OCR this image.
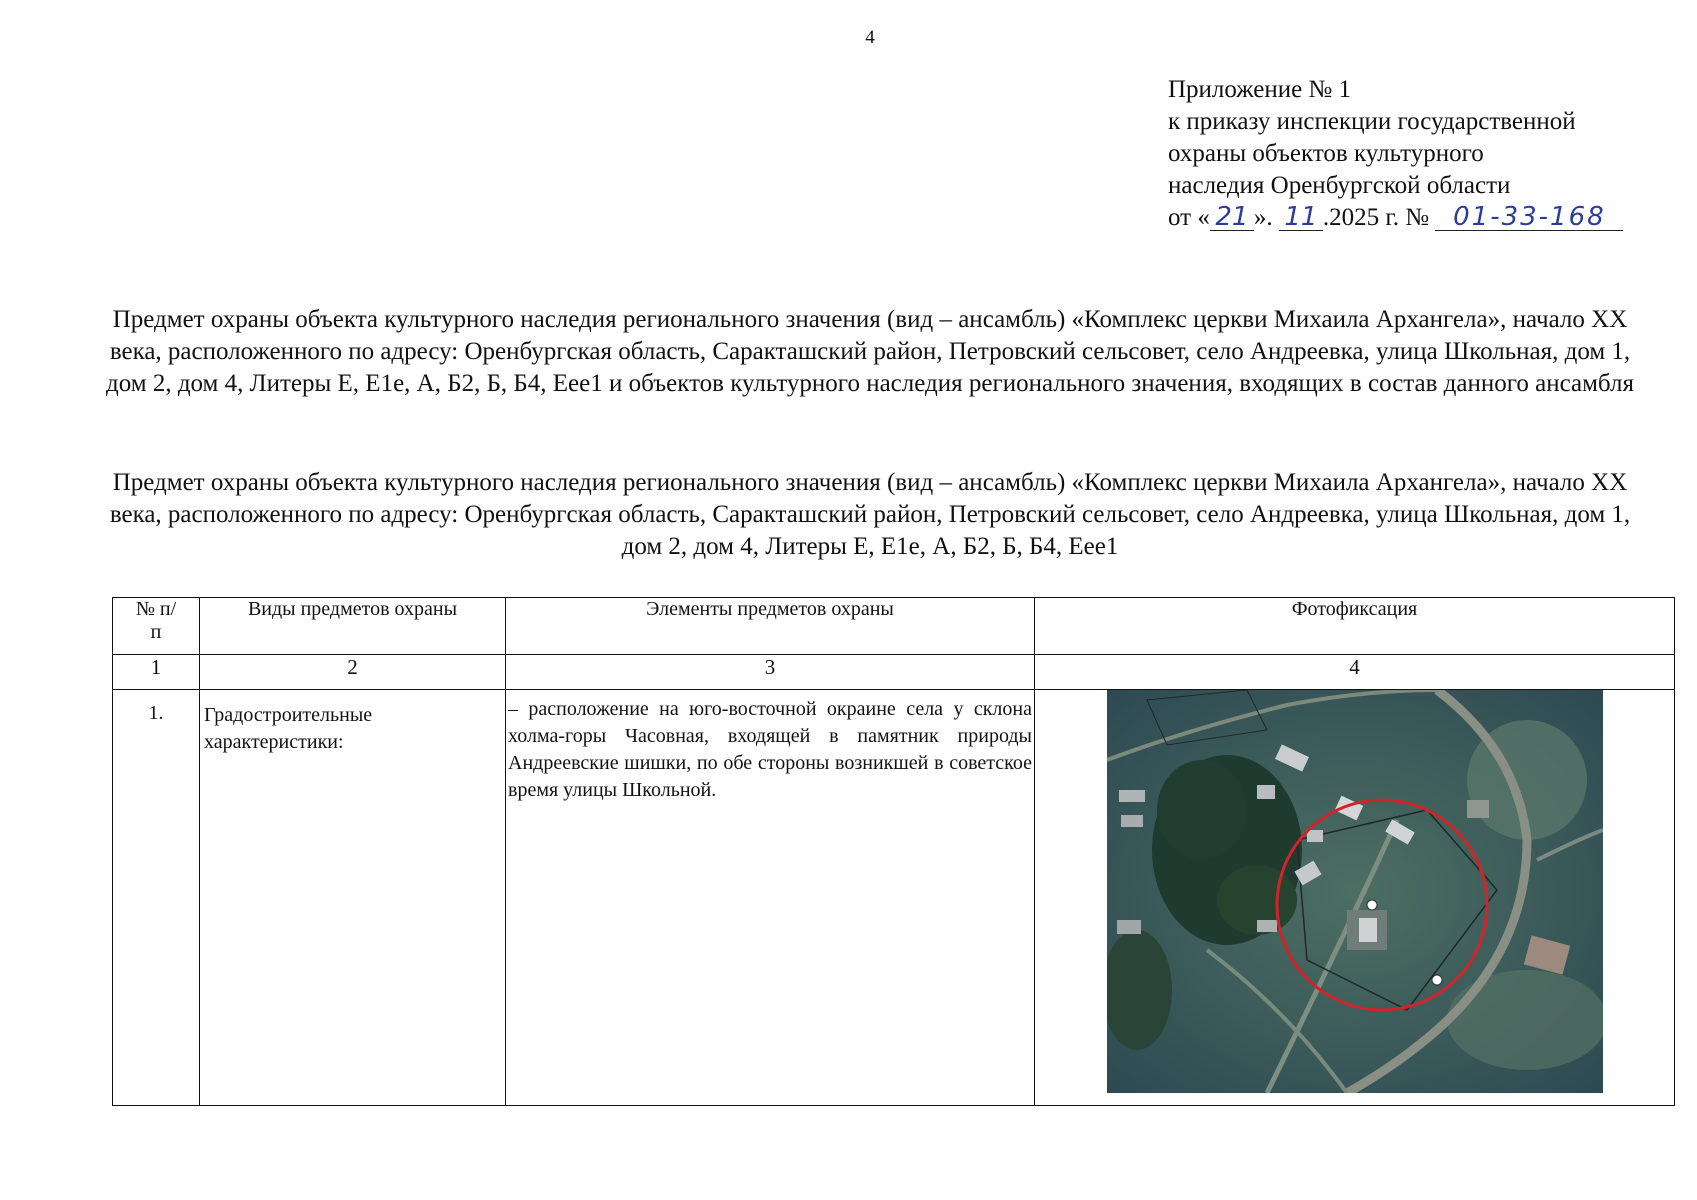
4
Приложение № 1
к приказу инспекции государственной
охраны объектов культурного
наследия Оренбургской области
от « 21 ». 11 .2025 г. № 01-33-168
Предмет охраны объекта культурного наследия регионального значения (вид – ансамбль) «Комплекс церкви Михаила Архангела», начало XX века, расположенного по адресу: Оренбургская область, Саракташский район, Петровский сельсовет, село Андреевка, улица Школьная, дом 1, дом 2, дом 4, Литеры Е, Е1е, А, Б2, Б, Б4, Еее1 и объектов культурного наследия регионального значения, входящих в состав данного ансамбля
Предмет охраны объекта культурного наследия регионального значения (вид – ансамбль) «Комплекс церкви Михаила Архангела», начало XX века, расположенного по адресу: Оренбургская область, Саракташский район, Петровский сельсовет, село Андреевка, улица Школьная, дом 1, дом 2, дом 4, Литеры Е, Е1е, А, Б2, Б, Б4, Еее1
№ п/п	Виды предметов охраны	Элементы предметов охраны	Фотофиксация
1	2	3	4
1.	Градостроительные характеристики:	– расположение на юго-восточной окраине села у склона холма-горы Часовная, входящей в памятник природы Андреевские шишки, по обе стороны возникшей в советское время улицы Школьной.	
